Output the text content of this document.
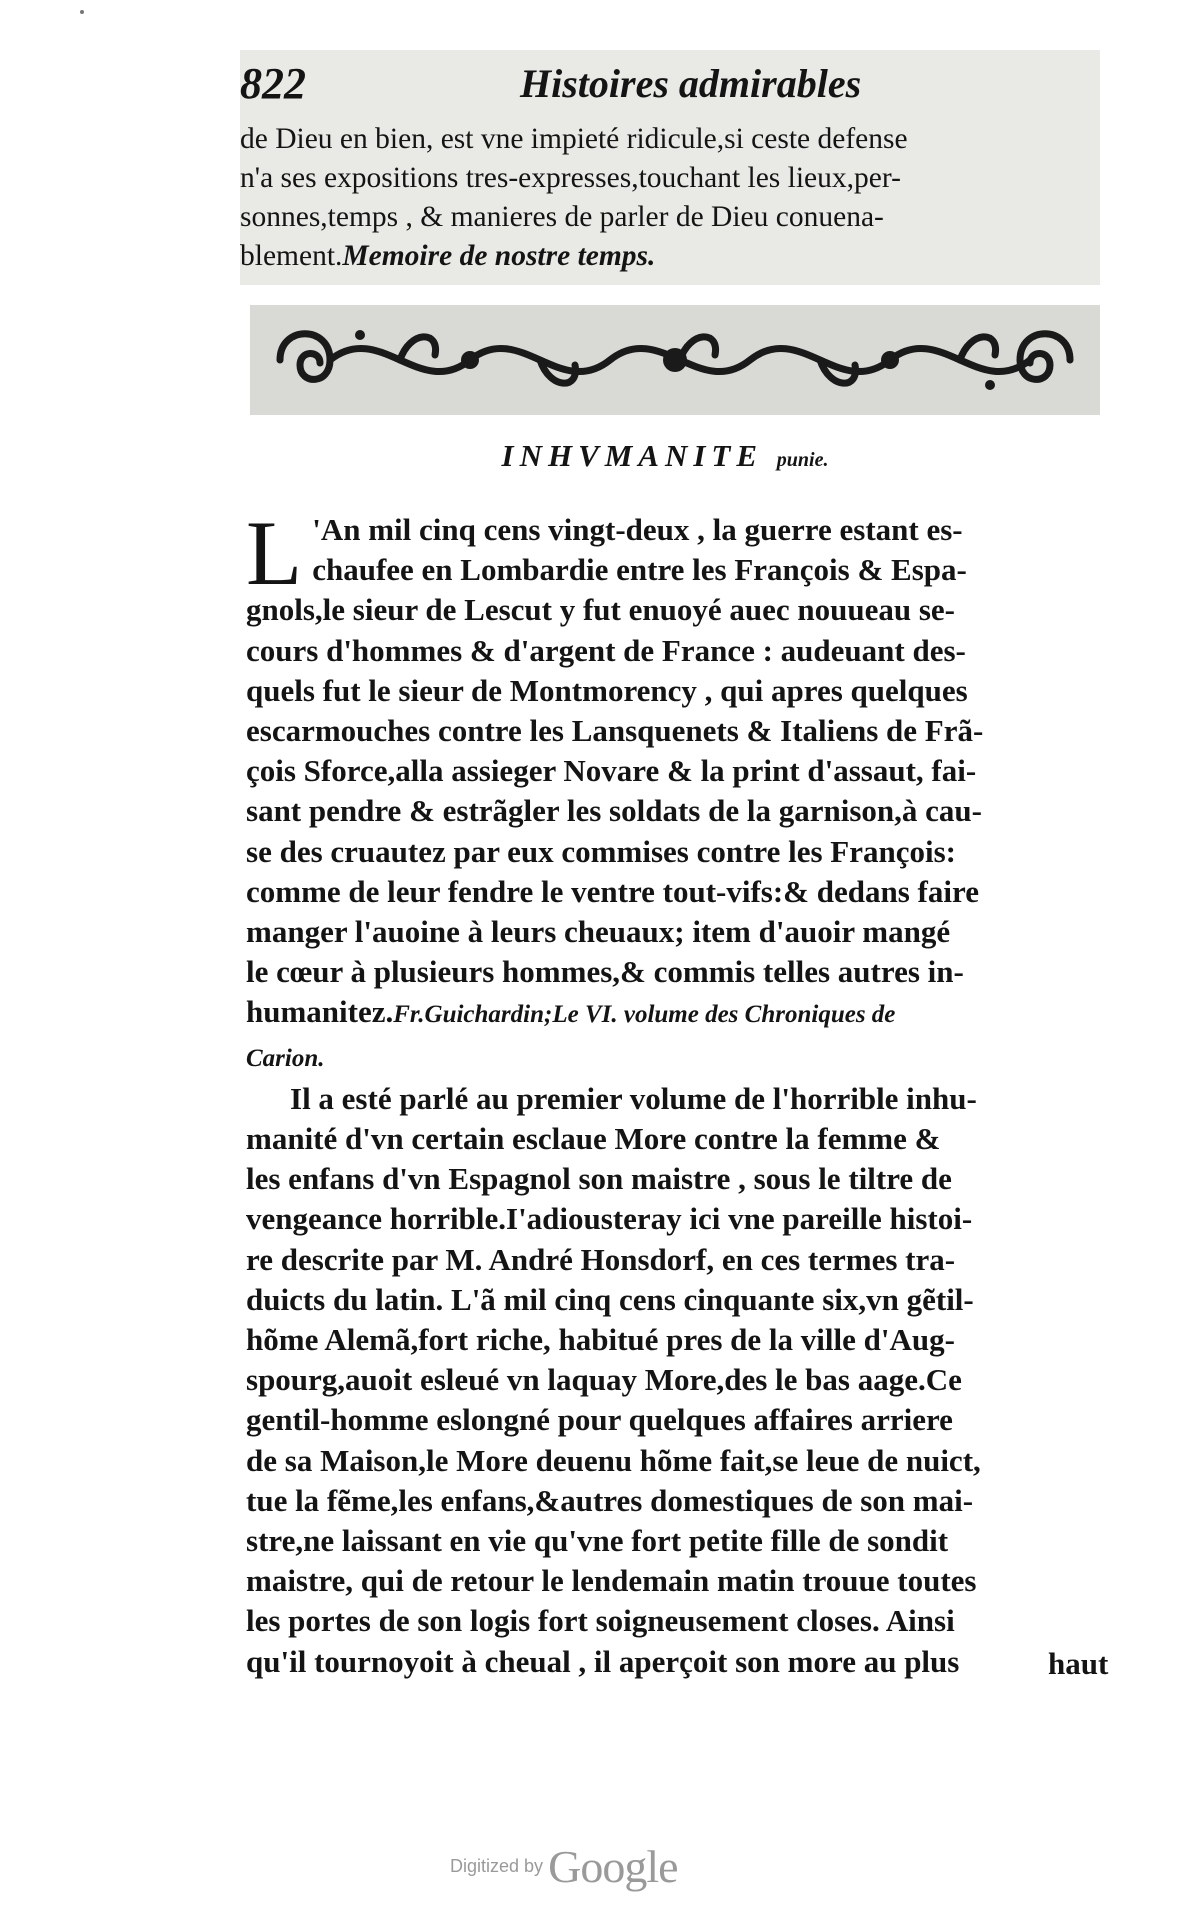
822	Histoires admirables

de Dieu en bien, est vne impieté ridicule,si ceste defense

n'a ses expositions tres-expresses,touchant les lieux,per-

sonnes,temps , & manieres de parler de Dieu conuena-

blement.Memoire de nostre temps.

INHVMANITE punie.
L 'An mil cinq cens vingt-deux , la guerre estant es-

chaufee en Lombardie entre les François & Espa-

gnols,le sieur de Lescut y fut enuoyé auec nouueau se-

cours d'hommes & d'argent de France : audeuant des-

quels fut le sieur de Montmorency , qui apres quelques

escarmouches contre les Lansquenets & Italiens de Frã-

çois Sforce,alla assieger Novare & la print d'assaut, fai-

sant pendre & estrãgler les soldats de la garnison,à cau-

se des cruautez par eux commises contre les François:

comme de leur fendre le ventre tout-vifs:& dedans faire

manger l'auoine à leurs cheuaux; item d'auoir mangé

le cœur à plusieurs hommes,& commis telles autres in-

humanitez.Fr.Guichardin;Le VI. volume des Chroniques de

Carion.

Il a esté parlé au premier volume de l'horrible inhu-

manité d'vn certain esclaue More contre la femme &

les enfans d'vn Espagnol son maistre , sous le tiltre de

vengeance horrible.I'adiousteray ici vne pareille histoi-

re descrite par M. André Honsdorf, en ces termes tra-

duicts du latin. L'ã mil cinq cens cinquante six,vn gẽtil-

hõme Alemã,fort riche, habitué pres de la ville d'Aug-

spourg,auoit esleué vn laquay More,des le bas aage.Ce

gentil-homme eslongné pour quelques affaires arriere

de sa Maison,le More deuenu hõme fait,se leue de nuict,

tue la fẽme,les enfans,&autres domestiques de son mai-

stre,ne laissant en vie qu'vne fort petite fille de sondit

maistre, qui de retour le lendemain matin trouue toutes

les portes de son logis fort soigneusement closes. Ainsi

qu'il tournoyoit à cheual , il aperçoit son more au plus	haut
Digitized by Google
